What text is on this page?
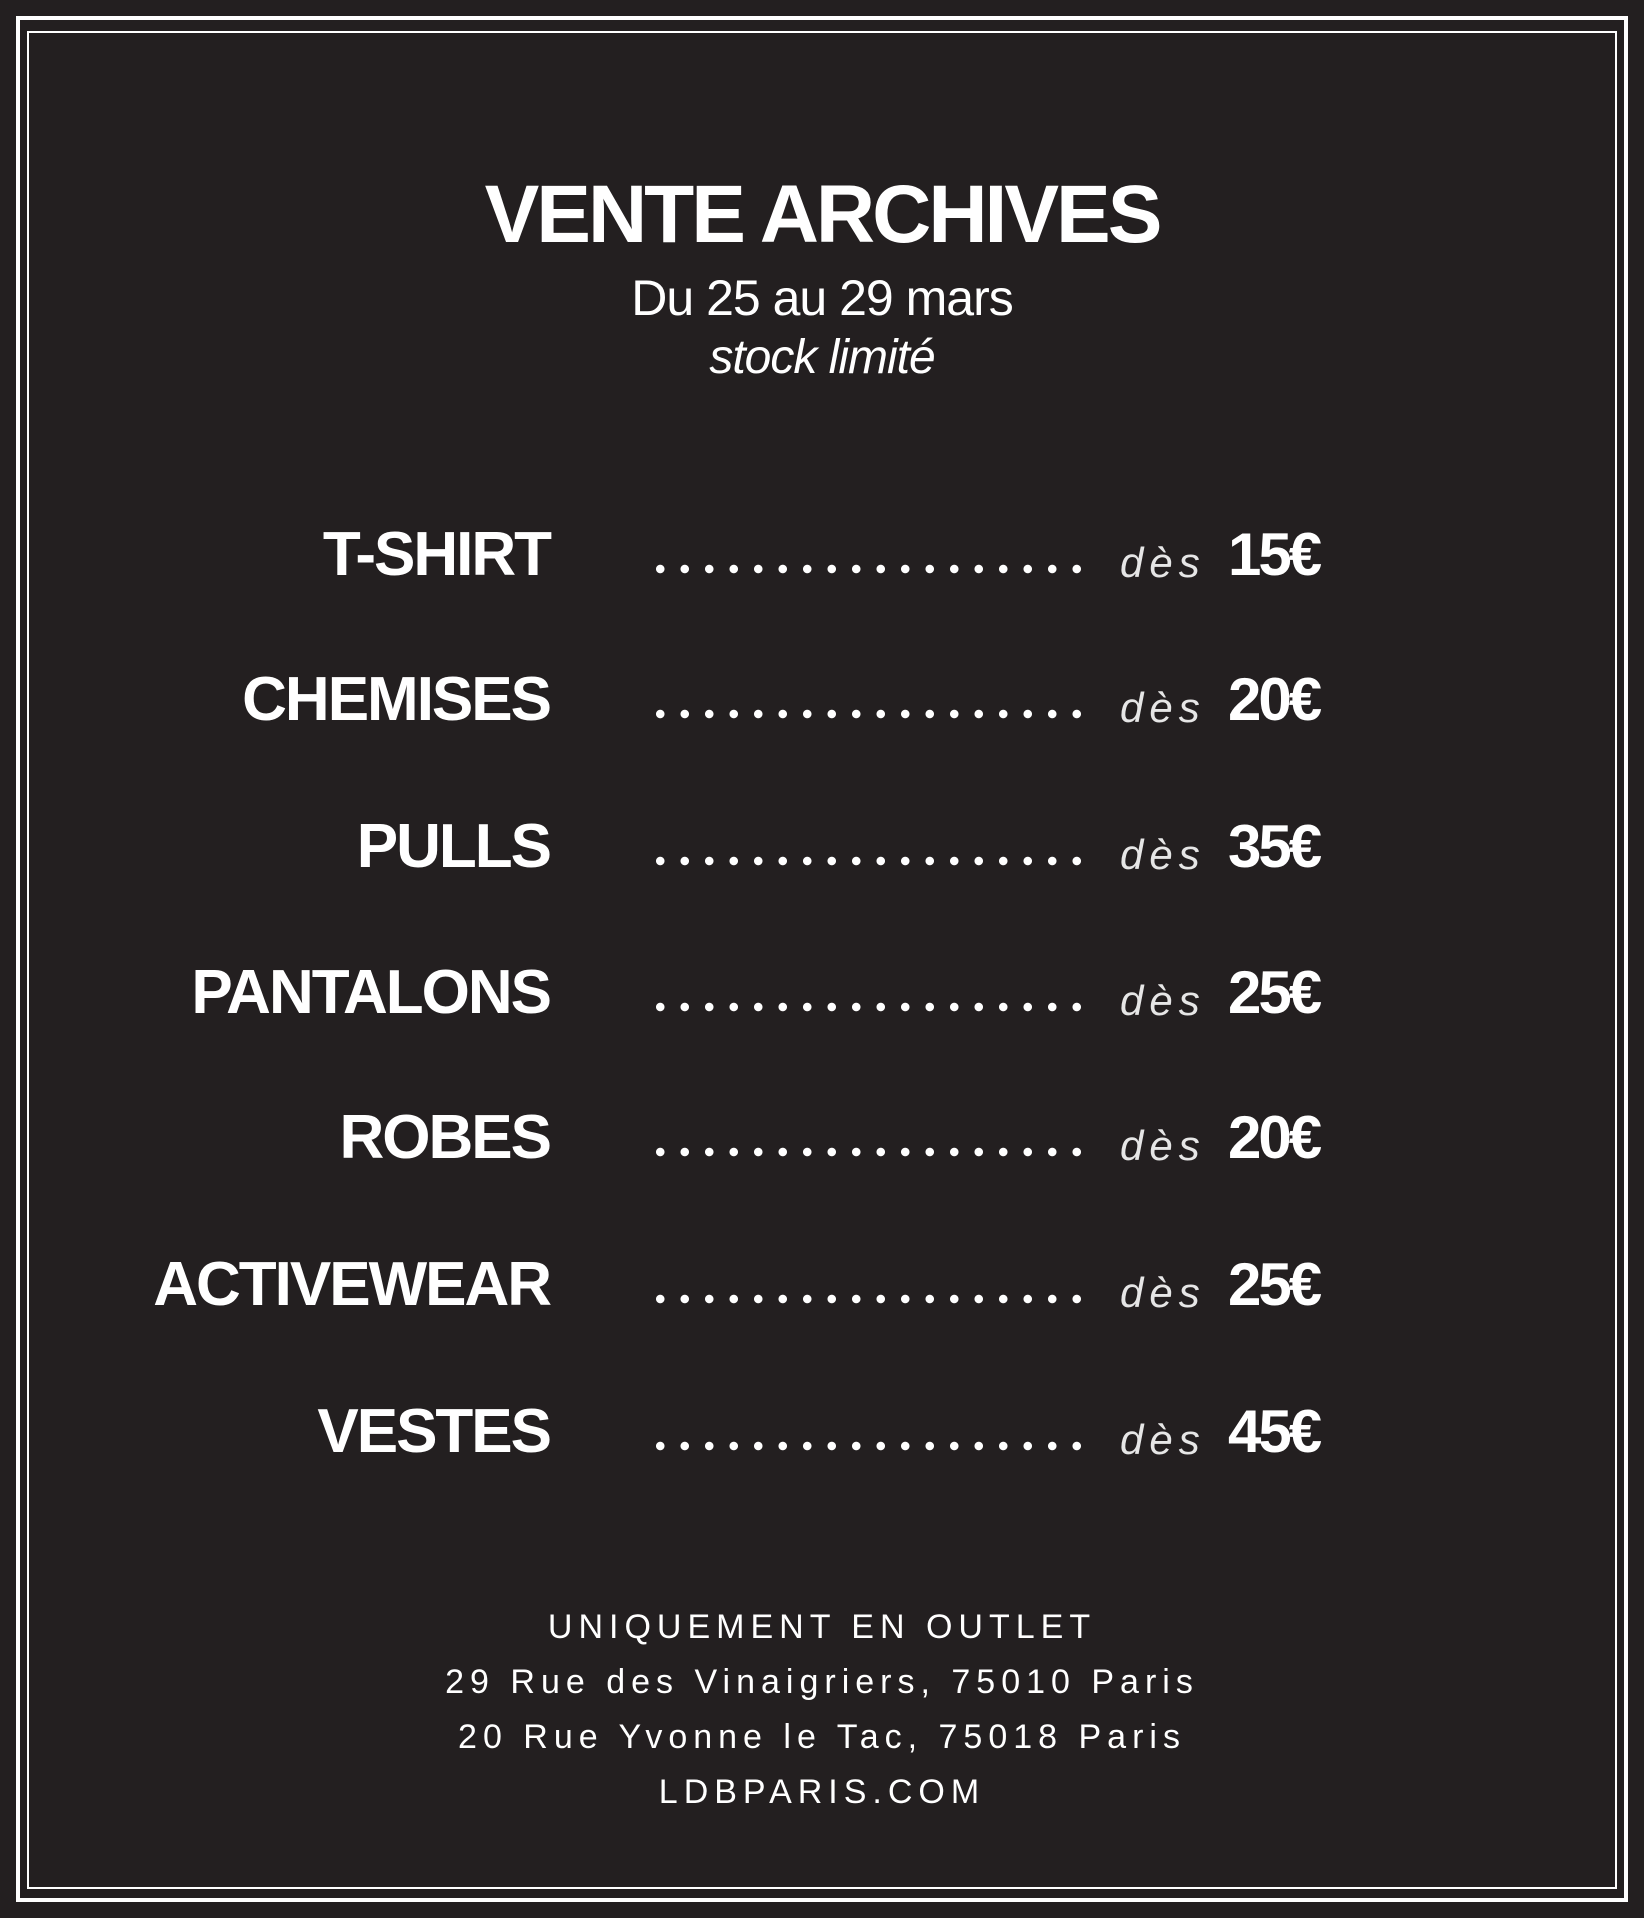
VENTE ARCHIVES
Du 25 au 29 mars
stock limité
T-SHIRT	dès 15€
CHEMISES	dès 20€
PULLS	dès 35€
PANTALONS	dès 25€
ROBES	dès 20€
ACTIVEWEAR	dès 25€
VESTES	dès 45€
UNIQUEMENT EN OUTLET
29 Rue des Vinaigriers, 75010 Paris
20 Rue Yvonne le Tac, 75018 Paris
LDBPARIS.COM
